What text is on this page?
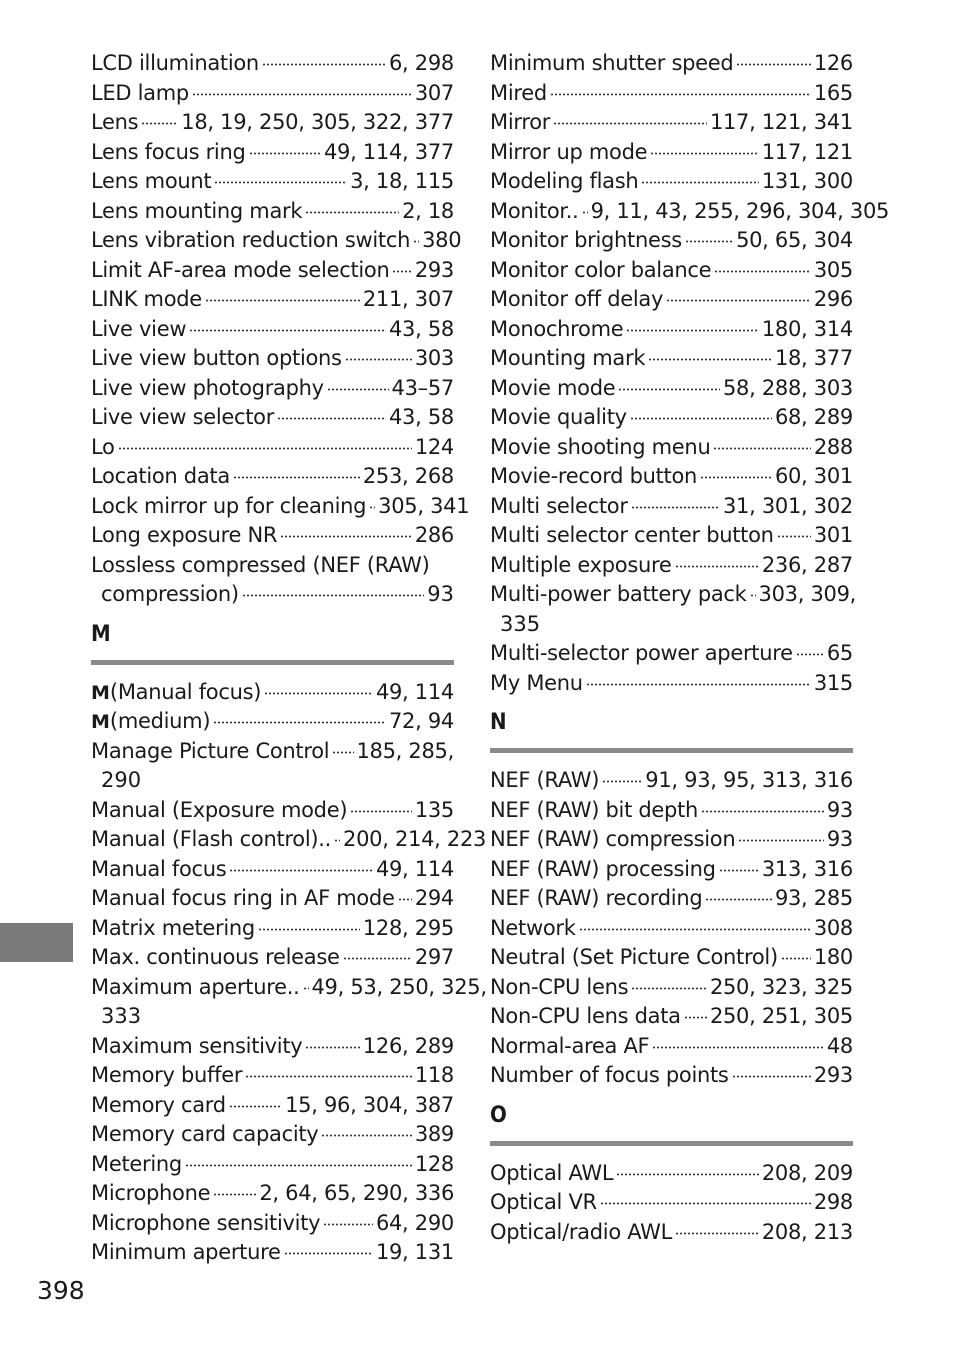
LCD illumination	6, 298
LED lamp	307
Lens 18, 19, 250, 305, 322, 377
Lens focus ring	49, 114, 377
Lens mount	3, 18, 115
Lens mounting mark	2, 18
Lens vibration reduction switch 380
Limit AF-area mode selection 293
LINK mode	211, 307
Live view	43, 58
Live view button options	303
Live view photography	43–57
Live view selector	43, 58
Lo	124
Location data	253, 268
Lock mirror up for cleaning 305, 341
Long exposure NR	286
Lossless compressed (NEF (RAW)
compression)	93
M
M (Manual focus)	49, 114
M (medium)	72, 94
Manage Picture Control 185, 285,
290
Manual (Exposure mode)	135
Manual (Flash control).. 200, 214, 223
Manual focus	49, 114
Manual focus ring in AF mode 294
Matrix metering	128, 295
Max. continuous release	297
Maximum aperture.. 49, 53, 250, 325,
333
Maximum sensitivity	126, 289
Memory buffer	118
Memory card	15, 96, 304, 387
Memory card capacity	389
Metering	128
Microphone 2, 64, 65, 290, 336
Microphone sensitivity	64, 290
Minimum aperture	19, 131
Minimum shutter speed	126
Mired	165
Mirror	117, 121, 341
Mirror up mode	117, 121
Modeling flash	131, 300
Monitor.. 9, 11, 43, 255, 296, 304, 305
Monitor brightness	50, 65, 304
Monitor color balance	305
Monitor off delay	296
Monochrome	180, 314
Mounting mark	18, 377
Movie mode	58, 288, 303
Movie quality	68, 289
Movie shooting menu	288
Movie-record button	60, 301
Multi selector	31, 301, 302
Multi selector center button 301
Multiple exposure	236, 287
Multi-power battery pack 303, 309,
335
Multi-selector power aperture 65
My Menu	315
N
NEF (RAW) 91, 93, 95, 313, 316
NEF (RAW) bit depth	93
NEF (RAW) compression	93
NEF (RAW) processing 313, 316
NEF (RAW) recording	93, 285
Network	308
Neutral (Set Picture Control) 180
Non-CPU lens	250, 323, 325
Non-CPU lens data 250, 251, 305
Normal-area AF	48
Number of focus points	293
O
Optical AWL	208, 209
Optical VR	298
Optical/radio AWL	208, 213
398
